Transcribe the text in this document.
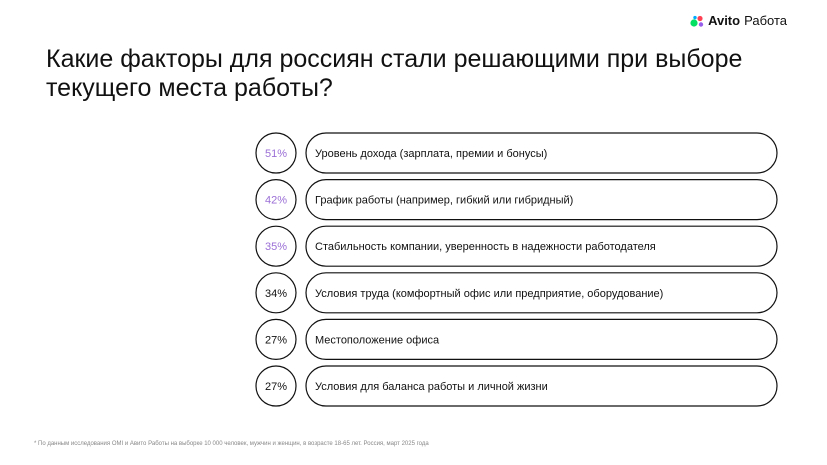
Avito Работа
Какие факторы для россиян стали решающими при выборе текущего места работы?
51%	Уровень дохода (зарплата, премии и бонусы)
42%	График работы (например, гибкий или гибридный)
35%	Стабильность компании, уверенность в надежности работодателя
34%	Условия труда (комфортный офис или предприятие, оборудование)
27%	Местоположение офиса
27%	Условия для баланса работы и личной жизни
* По данным исследования OMI и Авито Работы на выборке 10 000 человек, мужчин и женщин, в возрасте 18-65 лет. Россия, март 2025 года
